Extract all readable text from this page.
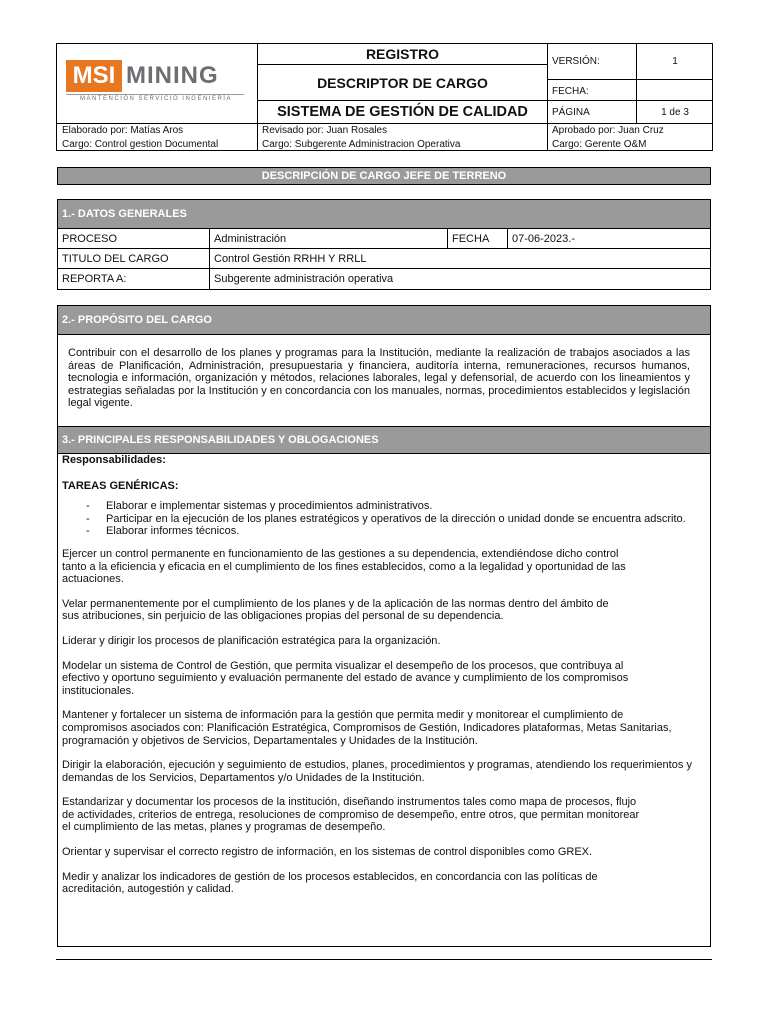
MSI MINING
MANTENCIÓN SERVICIO INGENIERÍA
REGISTRO
DESCRIPTOR DE CARGO
SISTEMA DE GESTIÓN DE CALIDAD
VERSIÓN:	1
FECHA:
PÁGINA	1 de 3
Elaborado por: Matías Aros
Cargo: Control gestion Documental
Revisado por: Juan Rosales
Cargo: Subgerente Administracion Operativa
Aprobado por: Juan Cruz
Cargo: Gerente O&M
DESCRIPCIÓN DE CARGO JEFE DE TERRENO
1.- DATOS GENERALES
PROCESO	Administración	FECHA	07-06-2023.-
TITULO DEL CARGO	Control Gestión RRHH Y RRLL
REPORTA A:	Subgerente administración operativa
2.- PROPÓSITO DEL CARGO
Contribuir con el desarrollo de los planes y programas para la Institución, mediante la realización de trabajos asociados a las áreas de Planificación, Administración, presupuestaria y financiera, auditoría interna, remuneraciones, recursos humanos, tecnologia e información, organización y métodos, relaciones laborales, legal y defensorial, de acuerdo con los lineamientos y estrategias señaladas por la Institución y en concordancia con los manuales, normas, procedimientos establecidos y legislación legal vigente.
3.- PRINCIPALES RESPONSABILIDADES Y OBLOGACIONES
Responsabilidades:
TAREAS GENÉRICAS:
- Elaborar e implementar sistemas y procedimientos administrativos.
- Participar en la ejecución de los planes estratégicos y operativos de la dirección o unidad donde se encuentra adscrito.
- Elaborar informes técnicos.

Ejercer un control permanente en funcionamiento de las gestiones a su dependencia, extendiéndose dicho control tanto a la eficiencia y eficacia en el cumplimiento de los fines establecidos, como a la legalidad y oportunidad de las actuaciones.

Velar permanentemente por el cumplimiento de los planes y de la aplicación de las normas dentro del ámbito de sus atribuciones, sin perjuicio de las obligaciones propias del personal de su dependencia.

Liderar y dirigir los procesos de planificación estratégica para la organización.

Modelar un sistema de Control de Gestión, que permita visualizar el desempeño de los procesos, que contribuya al efectivo y oportuno seguimiento y evaluación permanente del estado de avance y cumplimiento de los compromisos institucionales.

Mantener y fortalecer un sistema de información para la gestión que permita medir y monitorear el cumplimiento de compromisos asociados con: Planificación Estratégica, Compromisos de Gestión, Indicadores plataformas, Metas Sanitarias, programación y objetivos de Servicios, Departamentales y Unidades de la Institución.

Dirigir la elaboración, ejecución y seguimiento de estudios, planes, procedimientos y programas, atendiendo los requerimientos y demandas de los Servicios, Departamentos y/o Unidades de la Institución.

Estandarizar y documentar los procesos de la institución, diseñando instrumentos tales como mapa de procesos, flujo de actividades, criterios de entrega, resoluciones de compromiso de desempeño, entre otros, que permitan monitorear el cumplimiento de las metas, planes y programas de desempeño.

Orientar y supervisar el correcto registro de información, en los sistemas de control disponibles como GREX.

Medir y analizar los indicadores de gestión de los procesos establecidos, en concordancia con las políticas de acreditación, autogestión y calidad.
